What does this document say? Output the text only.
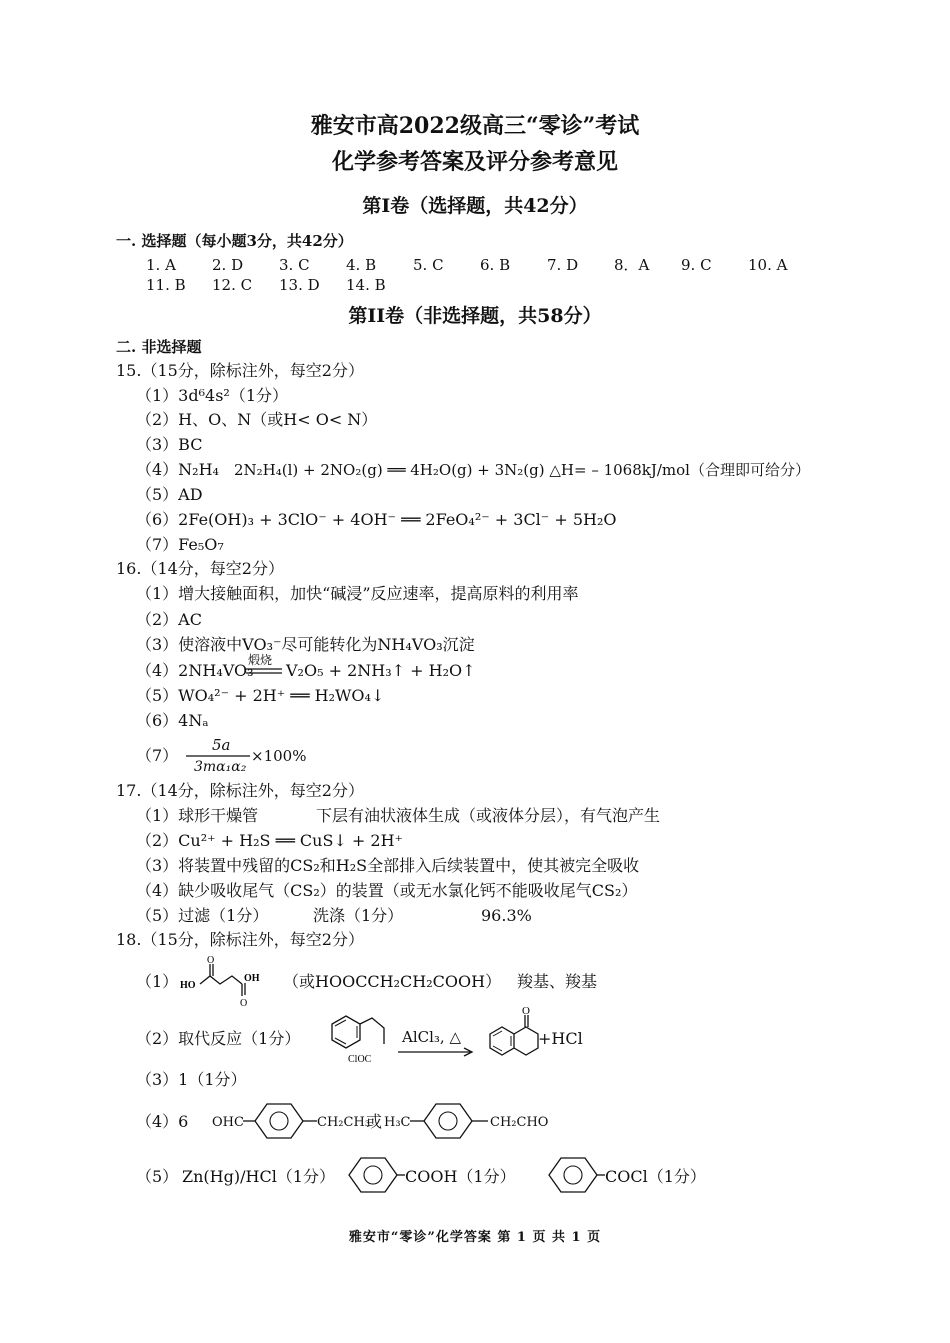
雅安市高2022级高三“零诊”考试
化学参考答案及评分参考意见
第I卷（选择题，共42分）
一. 选择题（每小题3分，共42分）
1. A 2. D 3. C 4. B 5. C 6. B 7. D 8．A 9. C 10. A
11. B 12. C 13. D 14. B
第II卷（非选择题，共58分）
二. 非选择题
15.（15分，除标注外，每空2分）
（1）3d⁶4s²（1分）
（2）H、O、N（或H< O< N）
（3）BC
（4）N₂H₄ 2N₂H₄(l) + 2NO₂(g) ══ 4H₂O(g) + 3N₂(g) △H= – 1068kJ/mol（合理即可给分）
（5）AD
（6）2Fe(OH)₃ + 3ClO⁻ + 4OH⁻ ══ 2FeO₄²⁻ + 3Cl⁻ + 5H₂O
（7）Fe₅O₇
16.（14分，每空2分）
（1）增大接触面积，加快“碱浸”反应速率，提高原料的利用率
（2）AC
（3）使溶液中VO₃⁻尽可能转化为NH₄VO₃沉淀
（4）2NH₄VO₃
煅烧
V₂O₅ + 2NH₃↑ + H₂O↑
（5）WO₄²⁻ + 2H⁺ ══ H₂WO₄↓
（6）4Nₐ
（7）
5a
3mα₁α₂
×100%
17.（14分，除标注外，每空2分）
（1）球形干燥管	下层有油状液体生成（或液体分层），有气泡产生
（2）Cu²⁺ + H₂S ══ CuS↓ + 2H⁺
（3）将装置中残留的CS₂和H₂S全部排入后续装置中，使其被完全吸收
（4）缺少吸收尾气（CS₂）的装置（或无水氯化钙不能吸收尾气CS₂）
（5）过滤（1分）	洗涤（1分）	96.3%
18.（15分，除标注外，每空2分）
（1）
O
HO
OH
O
（或HOOCCH₂CH₂COOH） 羧基、羧基
（2）取代反应（1分）
ClOC
AlCl₃, △
O
+HCl
（3）1（1分）
（4）6 OHC	CH₂CH₃
或 H₃C	CH₂CHO
（5） Zn(Hg)/HCl（1分）	COOH（1分）	COCl（1分）
雅安市“零诊”化学答案 第 1 页 共 1 页
